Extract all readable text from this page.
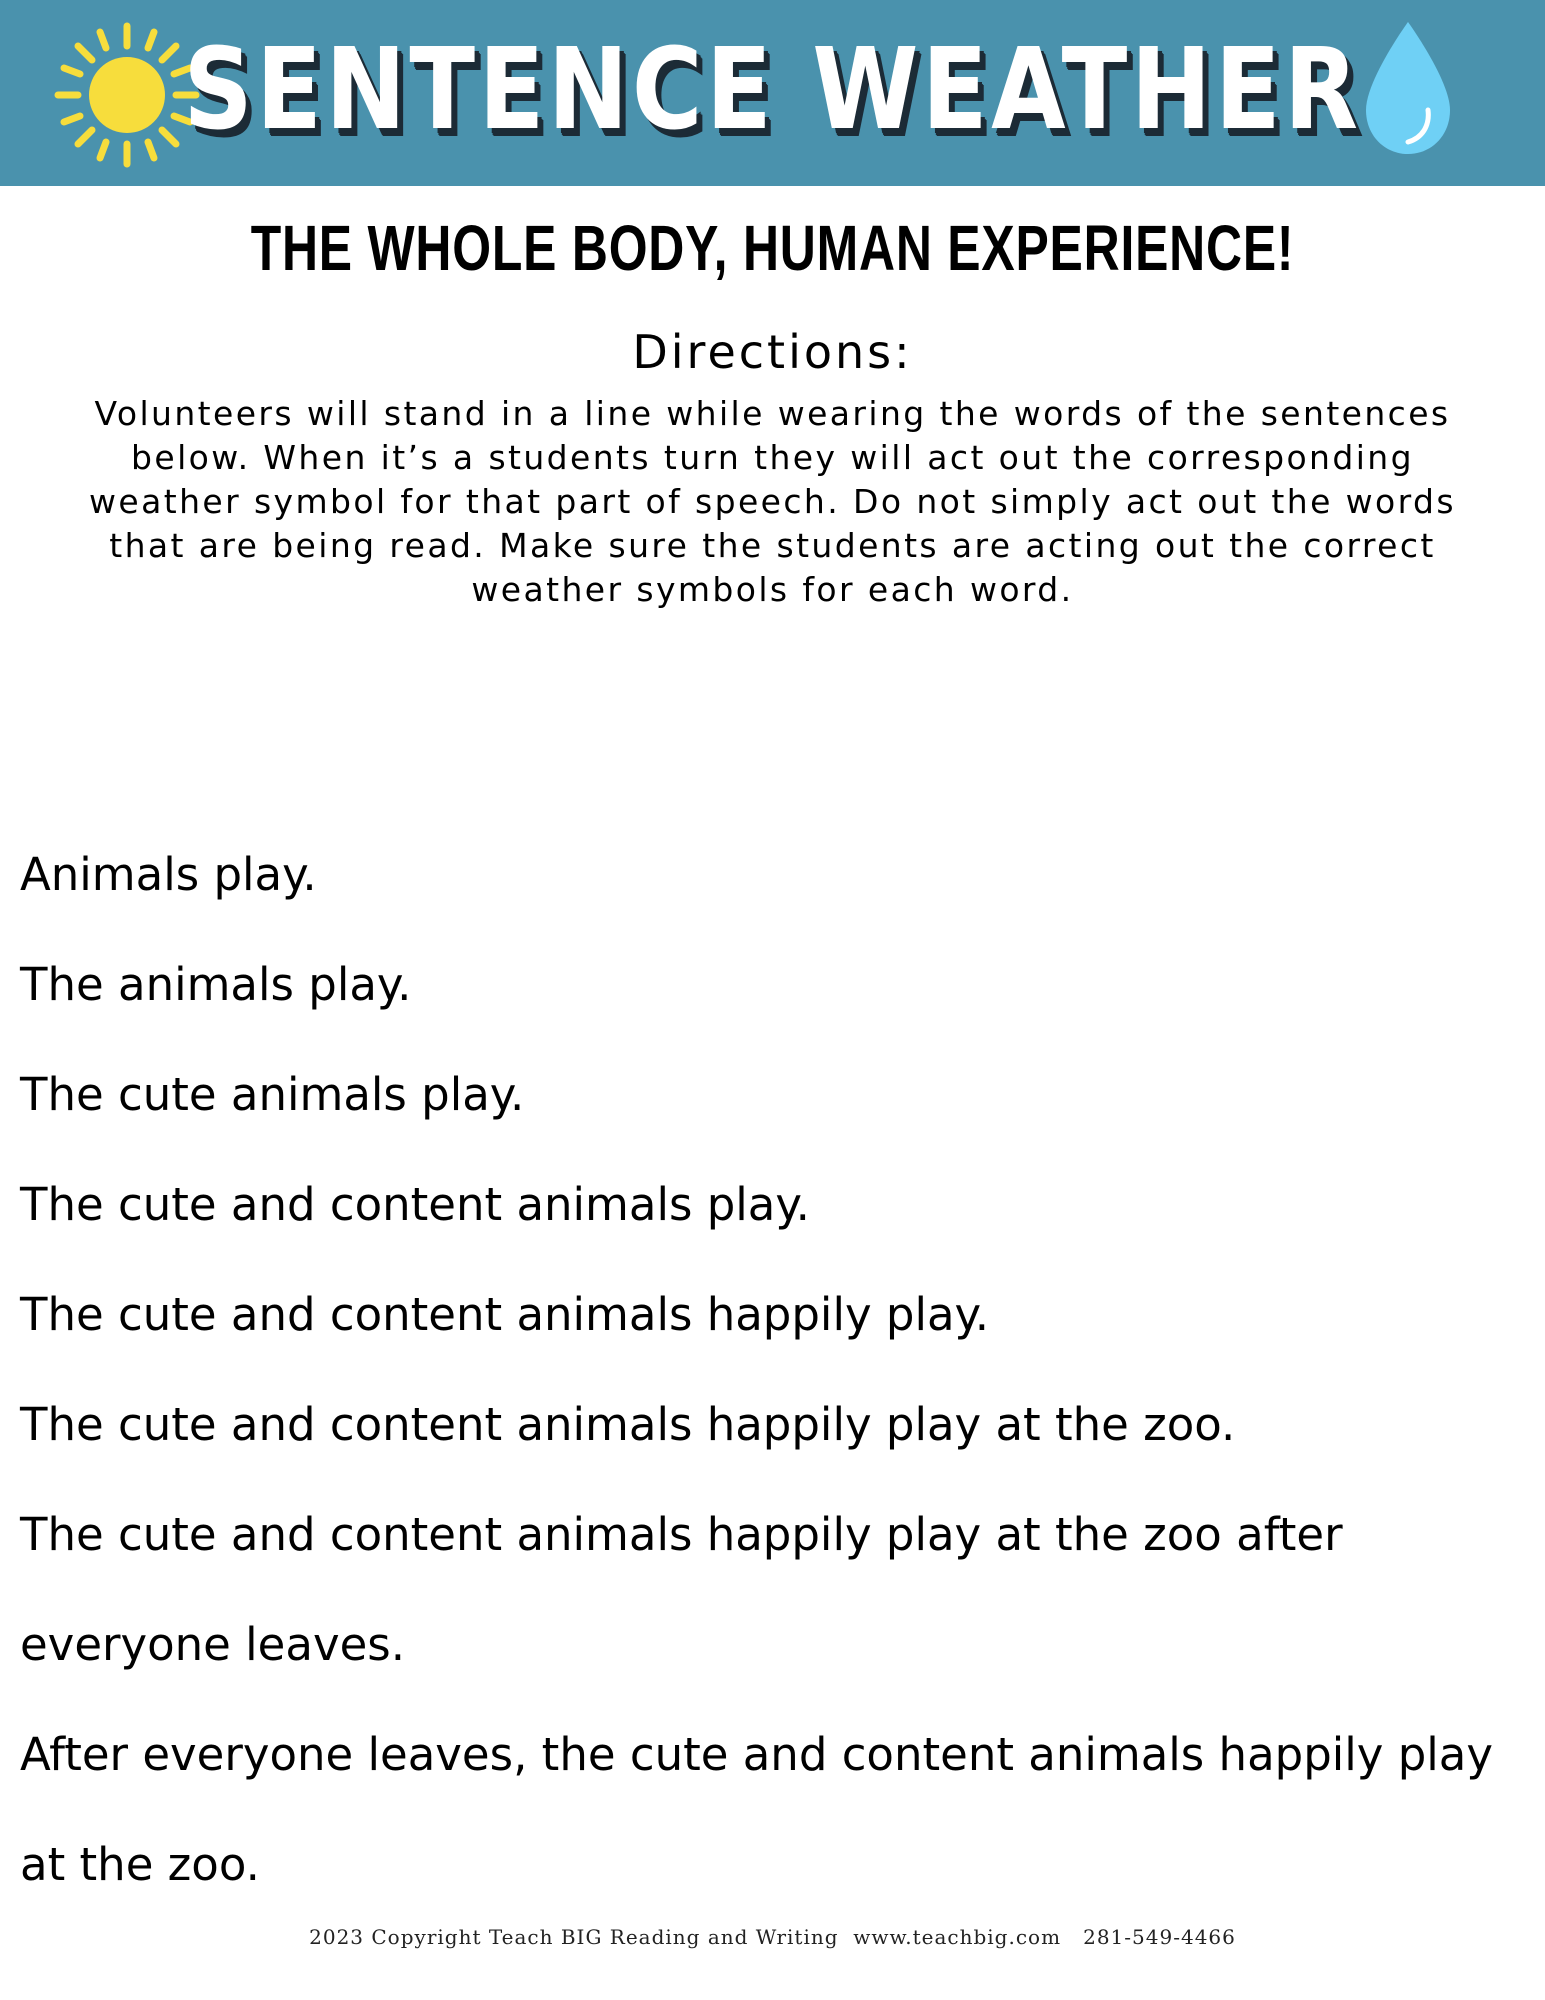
SENTENCE WEATHER
THE WHOLE BODY, HUMAN EXPERIENCE!
Directions:

Volunteers will stand in a line while wearing the words of the sentences below. When it’s a students turn they will act out the corresponding weather symbol for that part of speech. Do not simply act out the words that are being read. Make sure the students are acting out the correct weather symbols for each word.

Animals play.
The animals play.
The cute animals play.
The cute and content animals play.
The cute and content animals happily play.
The cute and content animals happily play at the zoo.
The cute and content animals happily play at the zoo after everyone leaves.
After everyone leaves, the cute and content animals happily play at the zoo.
2023 Copyright Teach BIG Reading and Writing  www.teachbig.com   281-549-4466
